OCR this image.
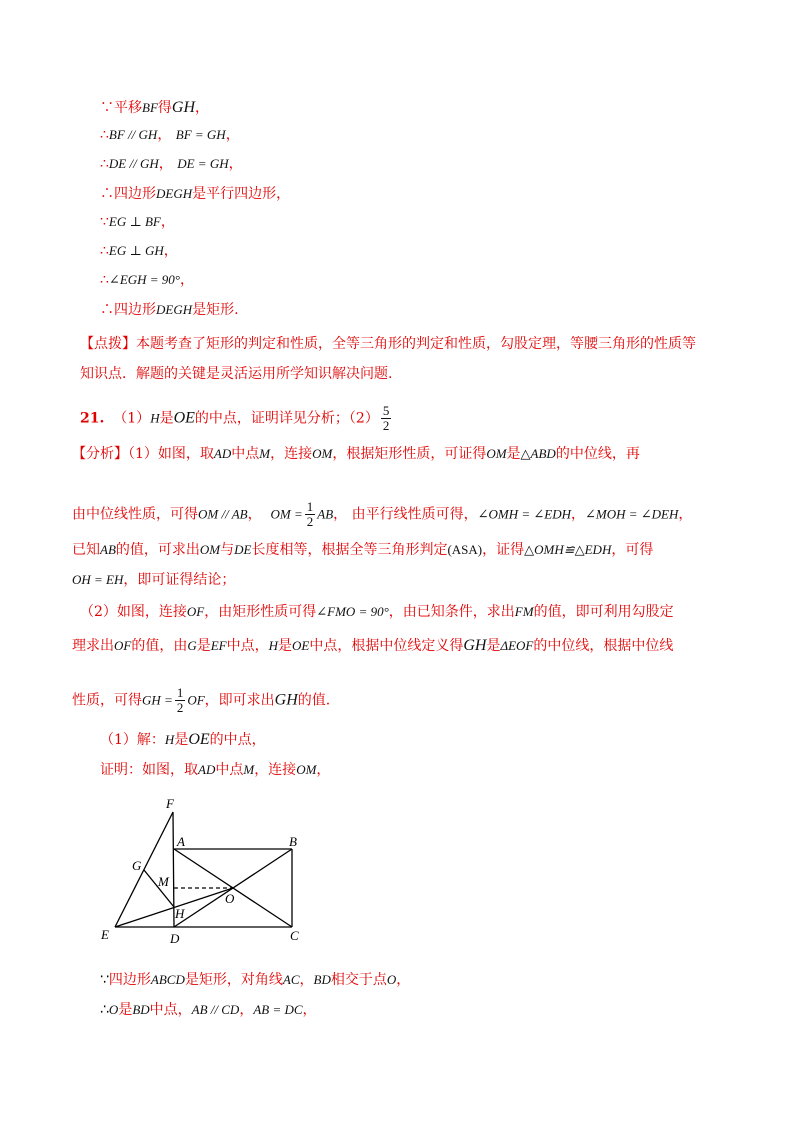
∵平移BF得GH，
∴BF // GH， BF = GH，
∴DE // GH， DE = GH，
∴四边形DEGH是平行四边形，
∵EG ⊥ BF，
∴EG ⊥ GH，
∴∠EGH = 90°，
∴四边形DEGH是矩形.
【点拨】本题考查了矩形的判定和性质，全等三角形的判定和性质，勾股定理，等腰三角形的性质等
知识点．解题的关键是灵活运用所学知识解决问题.
21. （1）H是OE的中点，证明详见分析；$(2) \frac{5}{2}$
【分析】（1）如图，取AD中点M，连接OM，根据矩形性质，可证得OM是△ABD的中位线，再
由中位线性质，可得OM // AB， OM = $\frac{1}{2}$ AB， 由平行线性质可得，∠OMH = ∠EDH，∠MOH = ∠DEH，
已知AB的值，可求出OM与DE长度相等，根据全等三角形判定(ASA)，证得△OMH≌△EDH，可得
OH = EH，即可证得结论；
（2）如图，连接OF，由矩形性质可得∠FMO = 90°，由已知条件，求出FM的值，即可利用勾股定
理求出OF的值，由G是EF中点，H是OE中点，根据中位线定义得GH是ΔEOF的中位线，根据中位线
性质，可得GH = $\frac{1}{2}$ OF，即可求出GH的值.
（1）解：H是OE的中点，
证明：如图，取AD中点M，连接OM，
F
A	B
G
M
O
H
E	D	C
∵四边形ABCD是矩形，对角线AC，BD相交于点O，
∴O是BD中点，AB // CD，AB = DC，
